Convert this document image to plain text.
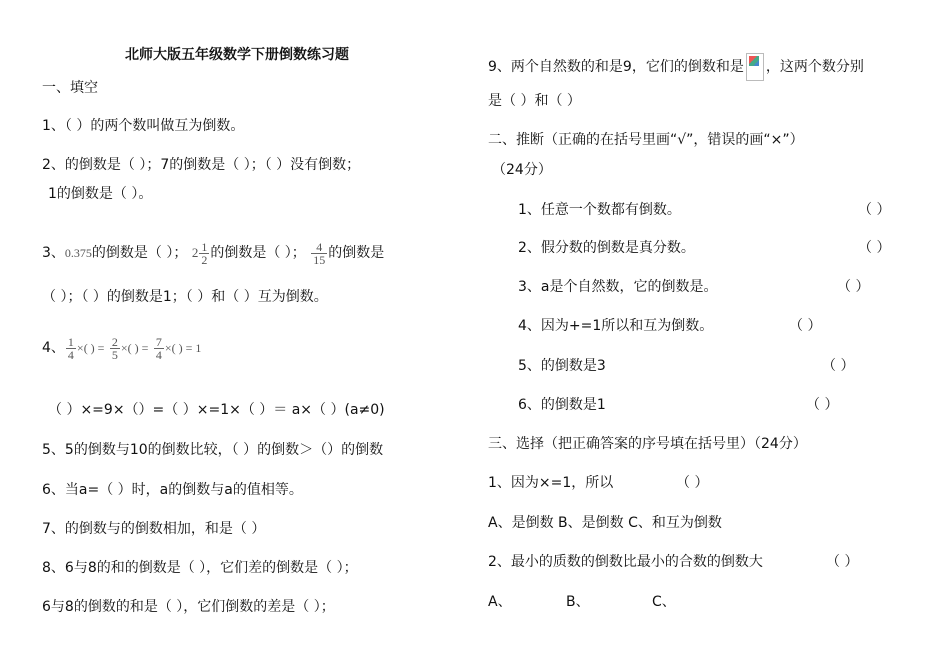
北师大版五年级数学下册倒数练习题
一、填空
1、（ ）的两个数叫做互为倒数。
2、的倒数是（ ）；7的倒数是（ ）；（ ）没有倒数；
1的倒数是（ ）。
3、0.375的倒数是（ ）； $2 \frac{1}{2}$ 的倒数是（ ）； $\frac{4}{15}$ 的倒数是
（ ）；（ ）的倒数是1；（ ）和（ ）互为倒数。
4、 $\frac{1}{4}$ ×( ) = $\frac{2}{5}$ ×( ) = $\frac{7}{4}$ ×( ) = 1
（ ）×=9×（）=（ ）×=1×（ ）＝ a×（ ）(a≠0)
5、5的倒数与10的倒数比较，（ ）的倒数＞（）的倒数
6、当a=（ ）时，a的倒数与a的值相等。
7、的倒数与的倒数相加，和是（ ）
8、6与8的和的倒数是（ ），它们差的倒数是（ ）；
6与8的倒数的和是（ ），它们倒数的差是（ ）；
9、两个自然数的和是9，它们的倒数和是 ，这两个数分别
是（ ）和（ ）
二、推断（正确的在括号里画“√”，错误的画“×”）
（24分）
1、任意一个数都有倒数。	（ ）
2、假分数的倒数是真分数。	（ ）
3、a是个自然数，它的倒数是。	（ ）
4、因为+=1所以和互为倒数。	（ ）
5、的倒数是3	（ ）
6、的倒数是1	（ ）
三、选择（把正确答案的序号填在括号里）（24分）
1、因为×=1，所以	（ ）
A、是倒数 B、是倒数 C、和互为倒数
2、最小的质数的倒数比最小的合数的倒数大	（ ）
A、	B、	C、
